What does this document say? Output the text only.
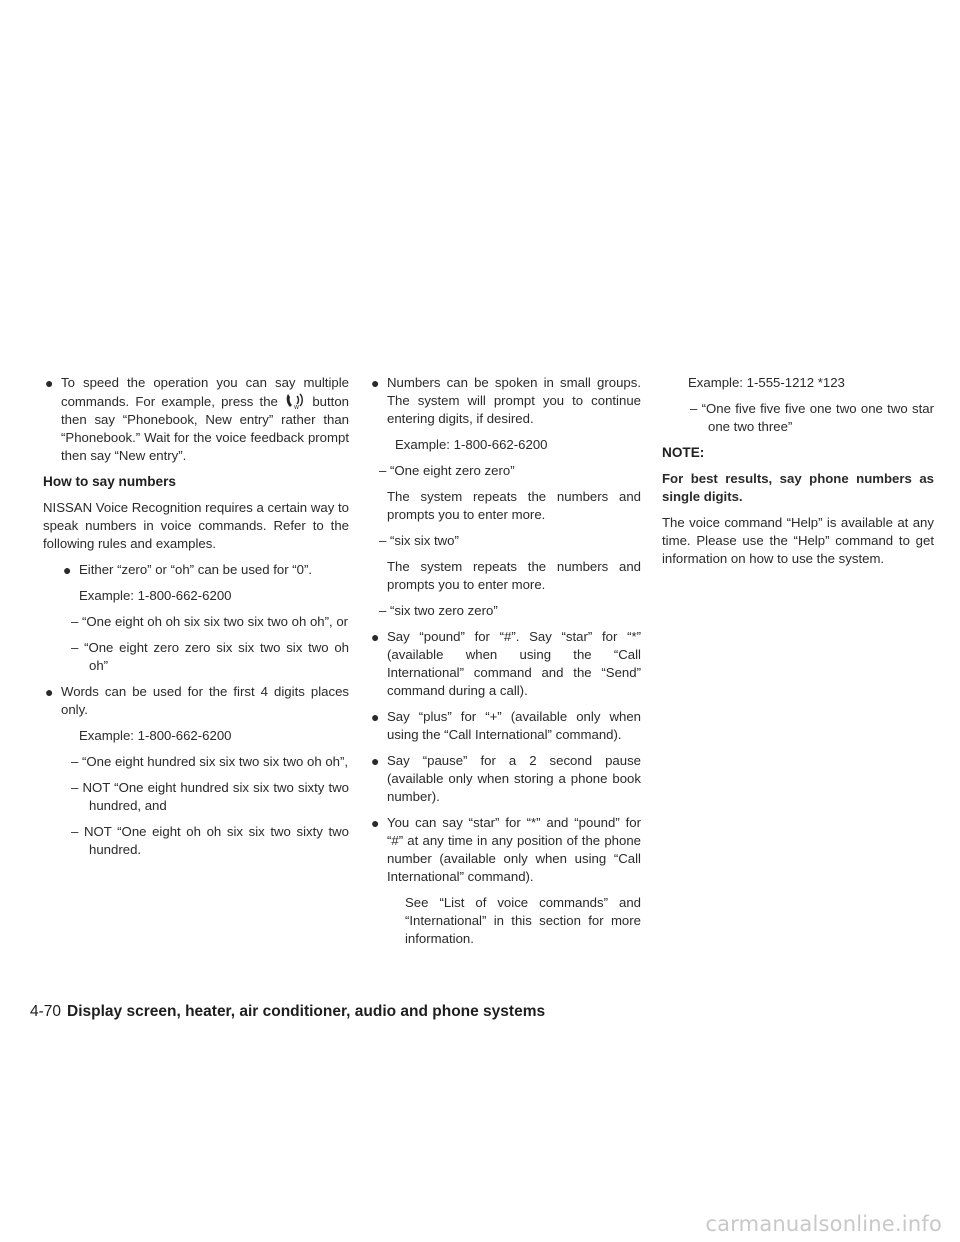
● To speed the operation you can say multiple commands. For example, press the	W button then say “Phonebook, New entry” rather than “Phonebook.” Wait for the voice feedback prompt then say “New entry”.
How to say numbers

NISSAN Voice Recognition requires a certain way to speak numbers in voice commands. Refer to the following rules and examples.

● Either “zero” or “oh” can be used for “0”.
Example: 1-800-662-6200
– “One eight oh oh six six two six two oh oh”, or
– “One eight zero zero six six two six two oh oh”
● Words can be used for the first 4 digits places only.
Example: 1-800-662-6200
– “One eight hundred six six two six two oh oh”,
– NOT “One eight hundred six six two sixty two hundred, and
– NOT “One eight oh oh six six two sixty two hundred.
● Numbers can be spoken in small groups. The system will prompt you to continue entering digits, if desired.
Example: 1-800-662-6200
– “One eight zero zero”
The system repeats the numbers and prompts you to enter more.
– “six six two”
The system repeats the numbers and prompts you to enter more.
– “six two zero zero”
● Say “pound” for “#”. Say “star” for “*” (available when using the “Call International” command and the “Send” command during a call).
● Say “plus” for “+” (available only when using the “Call International” command).
● Say “pause” for a 2 second pause (available only when storing a phone book number).
● You can say “star” for “*” and “pound” for “#” at any time in any position of the phone number (available only when using “Call International” command).
See “List of voice commands” and “International” in this section for more information.
Example: 1-555-1212 *123
– “One five five five one two one two star one two three”
NOTE:
For best results, say phone numbers as single digits.

The voice command “Help” is available at any time. Please use the “Help” command to get information on how to use the system.

4-70 Display screen, heater, air conditioner, audio and phone systems
carmanualsonline.info
